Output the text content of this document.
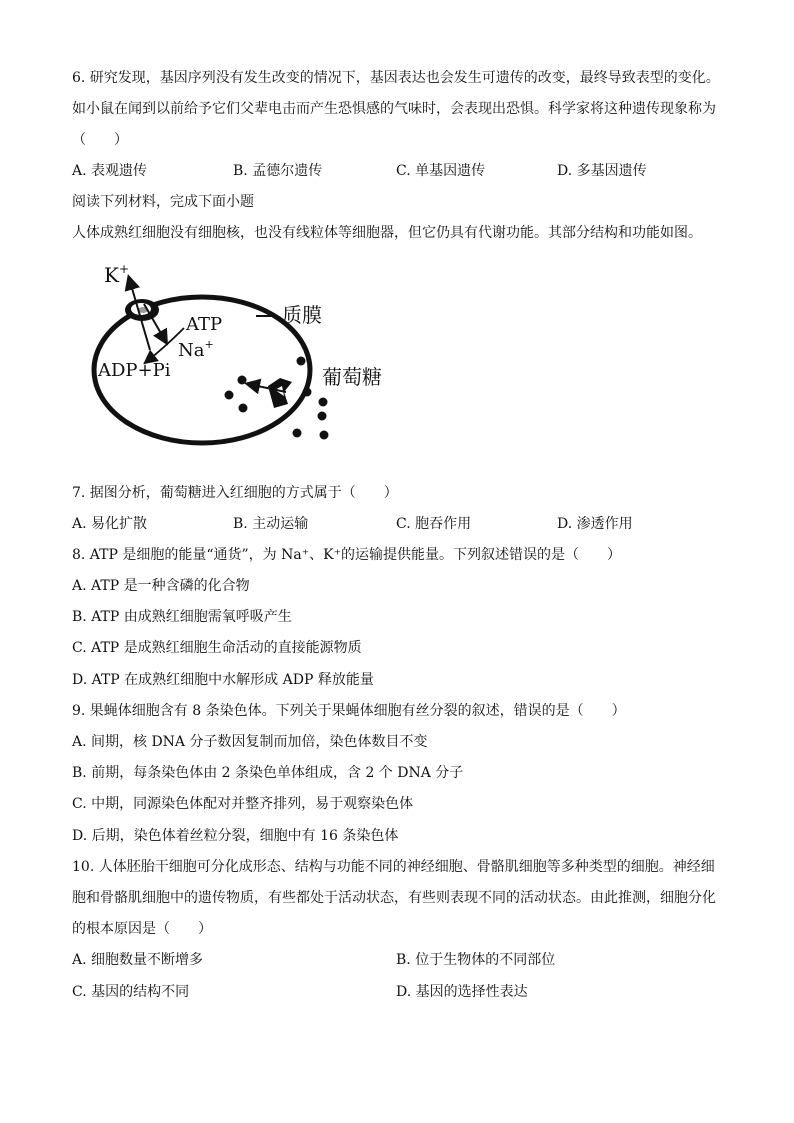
6. 研究发现，基因序列没有发生改变的情况下，基因表达也会发生可遗传的改变，最终导致表型的变化。
如小鼠在闻到以前给予它们父辈电击而产生恐惧感的气味时，会表现出恐惧。科学家将这种遗传现象称为
（　　）
A. 表观遗传	B. 孟德尔遗传	C. 单基因遗传	D. 多基因遗传
阅读下列材料，完成下面小题
人体成熟红细胞没有细胞核，也没有线粒体等细胞器，但它仍具有代谢功能。其部分结构和功能如图。
K+
ATP
Na+
ADP+Pi
质膜
葡萄糖
7. 据图分析，葡萄糖进入红细胞的方式属于（　　）
A. 易化扩散	B. 主动运输	C. 胞吞作用	D. 渗透作用
8. ATP 是细胞的能量“通货”，为 Na⁺、K⁺的运输提供能量。下列叙述错误的是（　　）
A. ATP 是一种含磷的化合物
B. ATP 由成熟红细胞需氧呼吸产生
C. ATP 是成熟红细胞生命活动的直接能源物质
D. ATP 在成熟红细胞中水解形成 ADP 释放能量
9. 果蝇体细胞含有 8 条染色体。下列关于果蝇体细胞有丝分裂的叙述，错误的是（　　）
A. 间期，核 DNA 分子数因复制而加倍，染色体数目不变
B. 前期，每条染色体由 2 条染色单体组成，含 2 个 DNA 分子
C. 中期，同源染色体配对并整齐排列，易于观察染色体
D. 后期，染色体着丝粒分裂，细胞中有 16 条染色体
10. 人体胚胎干细胞可分化成形态、结构与功能不同的神经细胞、骨骼肌细胞等多种类型的细胞。神经细
胞和骨骼肌细胞中的遗传物质，有些都处于活动状态，有些则表现不同的活动状态。由此推测，细胞分化
的根本原因是（　　）
A. 细胞数量不断增多	B. 位于生物体的不同部位
C. 基因的结构不同	D. 基因的选择性表达
